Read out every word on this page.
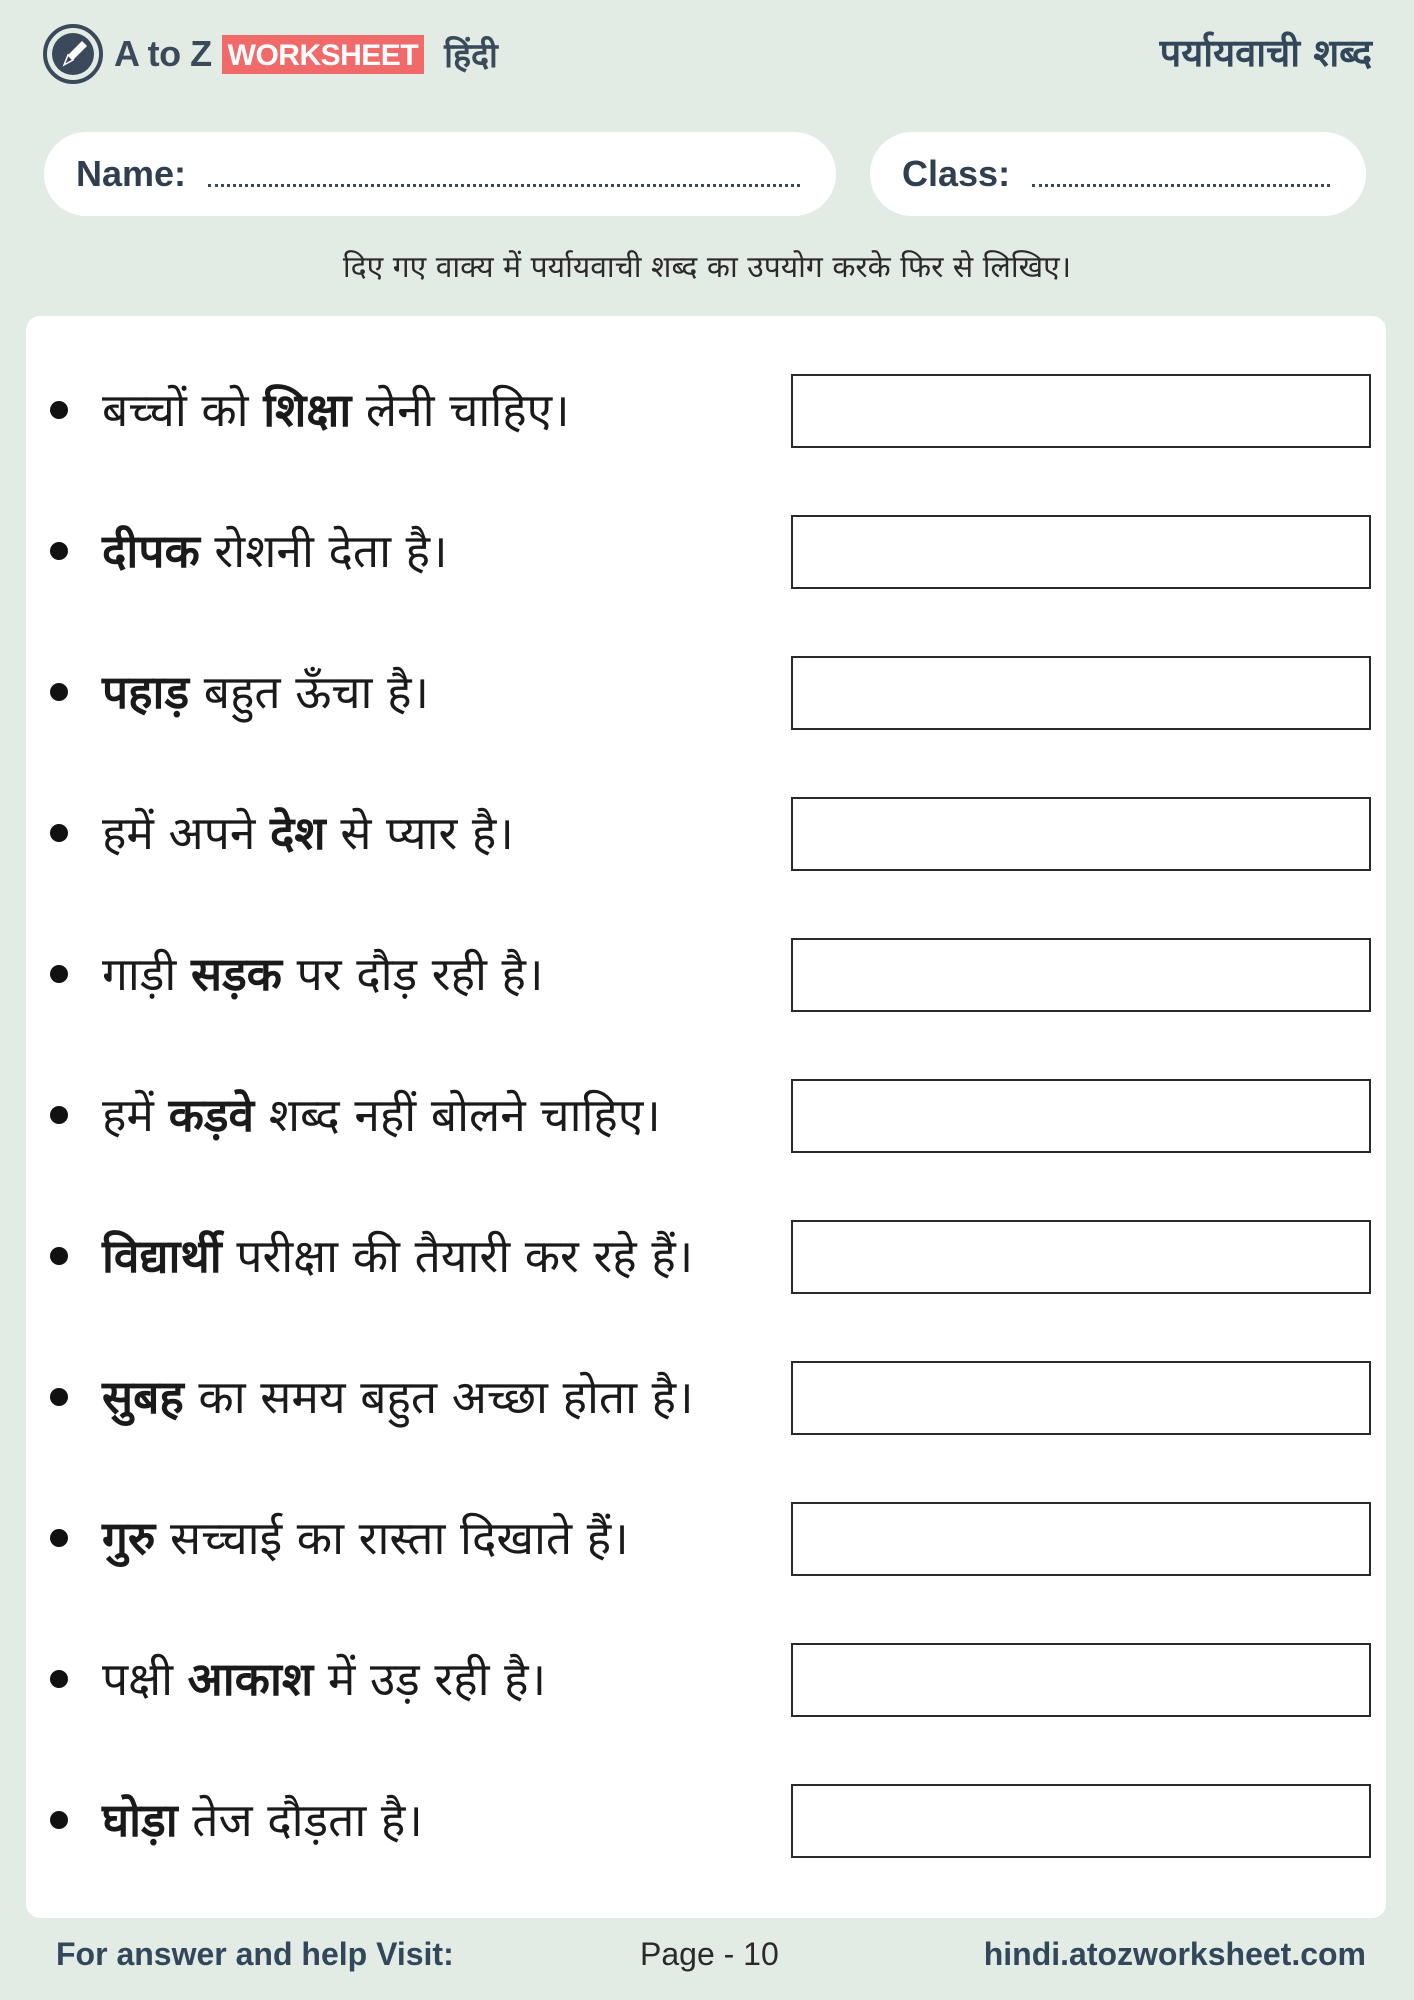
A to Z WORKSHEET हिंदी	पर्यायवाची शब्द
Name:	Class:
दिए गए वाक्य में पर्यायवाची शब्द का उपयोग करके फिर से लिखिए।
बच्चों को शिक्षा लेनी चाहिए।
दीपक रोशनी देता है।
पहाड़ बहुत ऊँचा है।
हमें अपने देश से प्यार है।
गाड़ी सड़क पर दौड़ रही है।
हमें कड़वे शब्द नहीं बोलने चाहिए।
विद्यार्थी परीक्षा की तैयारी कर रहे हैं।
सुबह का समय बहुत अच्छा होता है।
गुरु सच्चाई का रास्ता दिखाते हैं।
पक्षी आकाश में उड़ रही है।
घोड़ा तेज दौड़ता है।
For answer and help Visit:	Page - 10	hindi.atozworksheet.com
